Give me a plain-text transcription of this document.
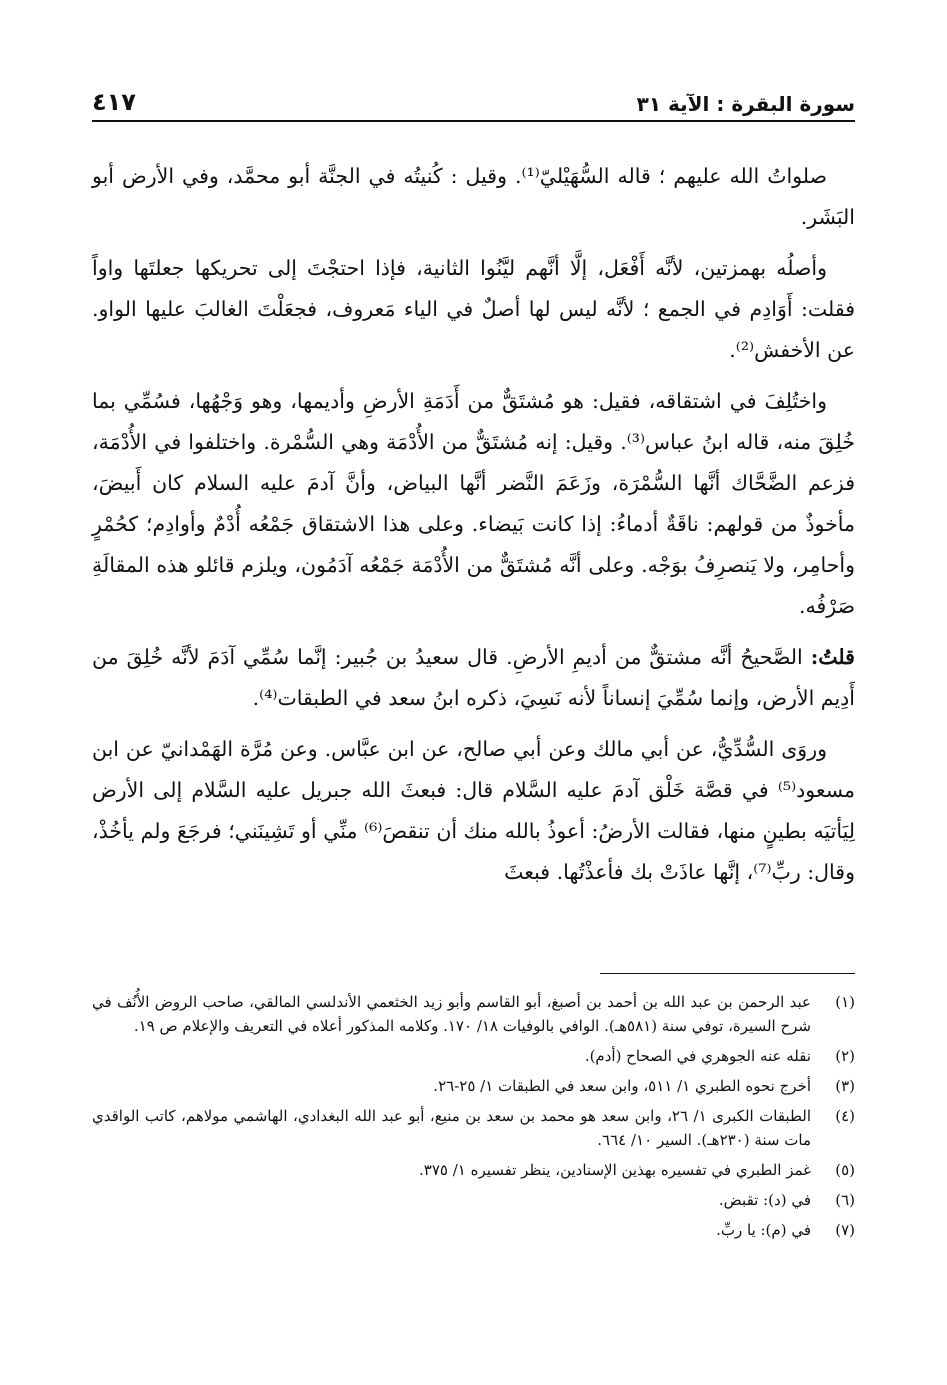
سورة البقرة : الآية ٣١
٤١٧

صلواتُ الله عليهم ؛ قاله السُّهَيْليّ⁽¹⁾. وقيل : كُنيتُه في الجنَّة أبو محمَّد، وفي الأرض أبو البَشَر.

وأصلُه بهمزتين، لأنَّه أَفْعَل، إلَّا أنَّهم ليَّنُوا الثانية، فإذا احتجْتَ إلى تحريكها جعلتَها واواً فقلت: أَوَادِم في الجمع ؛ لأنَّه ليس لها أصلٌ في الياء مَعروف، فجعَلْتَ الغالبَ عليها الواو. عن الأخفش⁽²⁾.

واختُلِفَ في اشتقاقه، فقيل: هو مُشتَقٌّ من أَدَمَةِ الأرضِ وأديمها، وهو وَجْهُها، فسُمِّي بما خُلِقَ منه، قاله ابنُ عباس⁽³⁾. وقيل: إنه مُشتَقٌّ من الأُدْمَة وهي السُّمْرة. واختلفوا في الأُدْمَة، فزعم الضَّحَّاك أنَّها السُّمْرَة، وزَعَمَ النَّضر أنَّها البياض، وأنَّ آدمَ عليه السلام كان أَبيضَ، مأخوذٌ من قولهم: ناقَةٌ أدماءُ: إذا كانت بَيضاء. وعلى هذا الاشتقاق جَمْعُه أُدْمٌ وأوادِم؛ كحُمْرٍ وأحامِر، ولا يَنصرِفُ بوَجْه. وعلى أنَّه مُشتَقٌّ من الأُدْمَة جَمْعُه آدَمُون، ويلزم قائلو هذه المقالَةِ صَرْفُه.

قلتُ: الصَّحيحُ أنَّه مشتقٌّ من أديمِ الأرضِ. قال سعيدُ بن جُبير: إنَّما سُمِّي آدَمَ لأنَّه خُلِقَ من أَدِيم الأرض، وإنما سُمِّيَ إنساناً لأنه نَسِيَ، ذكره ابنُ سعد في الطبقات⁽⁴⁾.

وروَى السُّدِّيُّ، عن أبي مالك وعن أبي صالح، عن ابن عبَّاس. وعن مُرَّة الهَمْدانيّ عن ابن مسعود⁽⁵⁾ في قصَّة خَلْق آدمَ عليه السَّلام قال: فبعثَ الله جبريل عليه السَّلام إلى الأرض لِيَأتيَه بطينٍ منها، فقالت الأرضُ: أعوذُ بالله منك أن تنقصَ⁽⁶⁾ منِّي أو تَشِينَني؛ فرجَعَ ولم يأخُذْ، وقال: ربِّ⁽⁷⁾، إنَّها عاذَتْ بك فأعذْتُها. فبعثَ

(١)
عبد الرحمن بن عبد الله بن أحمد بن أصبغ، أبو القاسم وأبو زيد الخثعمي الأندلسي المالقي، صاحب الروض الأُنُف في شرح السيرة، توفي سنة (٥٨١هـ). الوافي بالوفيات ١٨/ ١٧٠. وكلامه المذكور أعلاه في التعريف والإعلام ص ١٩.
(٢)
نقله عنه الجوهري في الصحاح (أدم).
(٣)
أخرج نحوه الطبري ١/ ٥١١، وابن سعد في الطبقات ١/ ٢٥-٢٦.
(٤)
الطبقات الكبرى ١/ ٢٦، وابن سعد هو محمد بن سعد بن منيع، أبو عبد الله البغدادي، الهاشمي مولاهم، كاتب الواقدي مات سنة (٢٣٠هـ). السير ١٠/ ٦٦٤.
(٥)
غمز الطبري في تفسيره بهذين الإسنادين، ينظر تفسيره ١/ ٣٧٥.
(٦)
في (د): تقبض.
(٧)
في (م): يا ربِّ.
